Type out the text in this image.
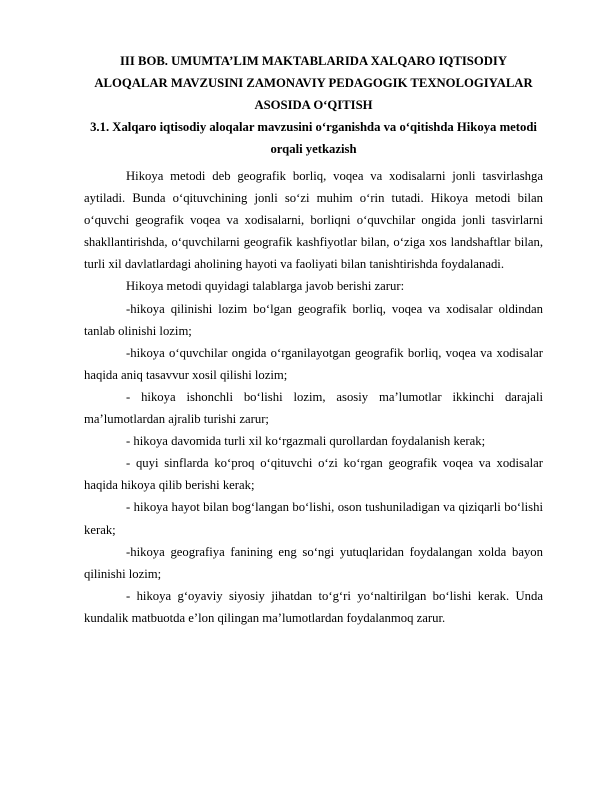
III BOB. UMUMTA’LIM MAKTABLARIDA XALQARO IQTISODIY ALOQALAR MAVZUSINI ZAMONAVIY PEDAGOGIK TEXNOLOGIYALAR ASOSIDA O‘QITISH

3.1. Xalqaro iqtisodiy aloqalar mavzusini o‘rganishda va o‘qitishda Hikoya metodi orqali yetkazish

Hikoya metodi deb geografik borliq, voqea va xodisalarni jonli tasvirlashga aytiladi. Bunda o‘qituvchining jonli so‘zi muhim o‘rin tutadi. Hikoya metodi bilan o‘quvchi geografik voqea va xodisalarni, borliqni o‘quvchilar ongida jonli tasvirlarni shakllantirishda, o‘quvchilarni geografik kashfiyotlar bilan, o‘ziga xos landshaftlar bilan, turli xil davlatlardagi aholining hayoti va faoliyati bilan tanishtirishda foydalanadi.

Hikoya metodi quyidagi talablarga javob berishi zarur:

-hikoya qilinishi lozim bo‘lgan geografik borliq, voqea va xodisalar oldindan tanlab olinishi lozim;

-hikoya o‘quvchilar ongida o‘rganilayotgan geografik borliq, voqea va xodisalar haqida aniq tasavvur xosil qilishi lozim;

- hikoya ishonchli bo‘lishi lozim, asosiy ma’lumotlar ikkinchi darajali ma’lumotlardan ajralib turishi zarur;

- hikoya davomida turli xil ko‘rgazmali qurollardan foydalanish kerak;

- quyi sinflarda ko‘proq o‘qituvchi o‘zi ko‘rgan geografik voqea va xodisalar haqida hikoya qilib berishi kerak;

- hikoya hayot bilan bog‘langan bo‘lishi, oson tushuniladigan va qiziqarli bo‘lishi kerak;

-hikoya geografiya fanining eng so‘ngi yutuqlaridan foydalangan xolda bayon qilinishi lozim;

- hikoya g‘oyaviy siyosiy jihatdan to‘g‘ri yo‘naltirilgan bo‘lishi kerak. Unda kundalik matbuotda e’lon qilingan ma’lumotlardan foydalanmoq zarur.
